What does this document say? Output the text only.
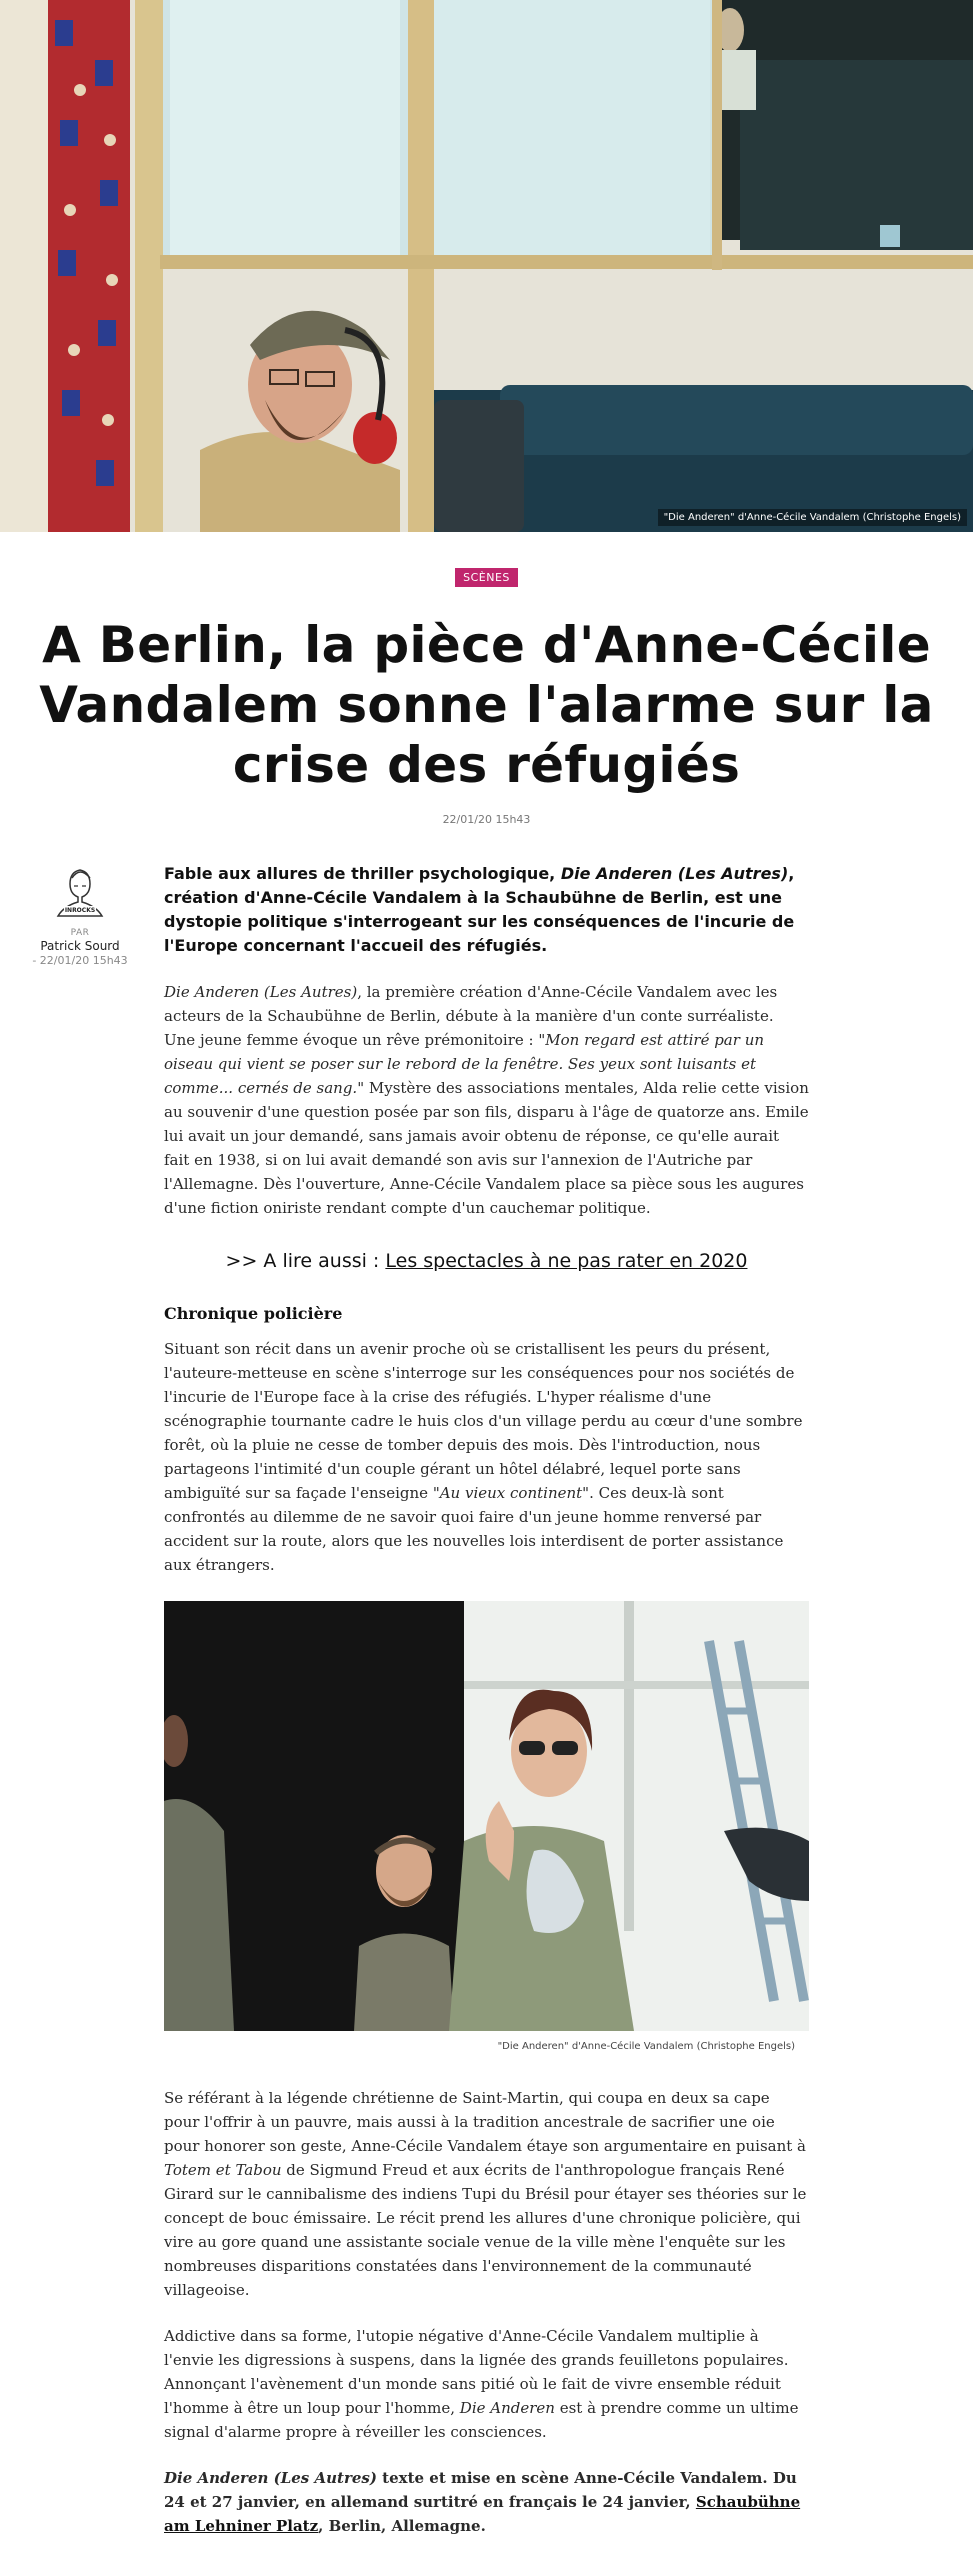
"Die Anderen" d'Anne-Cécile Vandalem (Christophe Engels)
SCÈNES
A Berlin, la pièce d'Anne-Cécile Vandalem sonne l'alarme sur la crise des réfugiés
22/01/20 15h43
INROCKS
PAR
Patrick Sourd
- 22/01/20 15h43

Fable aux allures de thriller psychologique, Die Anderen (Les Autres), création d'Anne-Cécile Vandalem à la Schaubühne de Berlin, est une dystopie politique s'interrogeant sur les conséquences de l'incurie de l'Europe concernant l'accueil des réfugiés.

Die Anderen (Les Autres), la première création d'Anne-Cécile Vandalem avec les acteurs de la Schaubühne de Berlin, débute à la manière d'un conte surréaliste. Une jeune femme évoque un rêve prémonitoire : "Mon regard est attiré par un oiseau qui vient se poser sur le rebord de la fenêtre. Ses yeux sont luisants et comme... cernés de sang." Mystère des associations mentales, Alda relie cette vision au souvenir d'une question posée par son fils, disparu à l'âge de quatorze ans. Emile lui avait un jour demandé, sans jamais avoir obtenu de réponse, ce qu'elle aurait fait en 1938, si on lui avait demandé son avis sur l'annexion de l'Autriche par l'Allemagne. Dès l'ouverture, Anne-Cécile Vandalem place sa pièce sous les augures d'une fiction oniriste rendant compte d'un cauchemar politique.

>> A lire aussi : Les spectacles à ne pas rater en 2020
Chronique policière

Situant son récit dans un avenir proche où se cristallisent les peurs du présent, l'auteure-metteuse en scène s'interroge sur les conséquences pour nos sociétés de l'incurie de l'Europe face à la crise des réfugiés. L'hyper réalisme d'une scénographie tournante cadre le huis clos d'un village perdu au cœur d'une sombre forêt, où la pluie ne cesse de tomber depuis des mois. Dès l'introduction, nous partageons l'intimité d'un couple gérant un hôtel délabré, lequel porte sans ambiguïté sur sa façade l'enseigne "Au vieux continent". Ces deux-là sont confrontés au dilemme de ne savoir quoi faire d'un jeune homme renversé par accident sur la route, alors que les nouvelles lois interdisent de porter assistance aux étrangers.

"Die Anderen" d'Anne-Cécile Vandalem (Christophe Engels)

Se référant à la légende chrétienne de Saint-Martin, qui coupa en deux sa cape pour l'offrir à un pauvre, mais aussi à la tradition ancestrale de sacrifier une oie pour honorer son geste, Anne-Cécile Vandalem étaye son argumentaire en puisant à Totem et Tabou de Sigmund Freud et aux écrits de l'anthropologue français René Girard sur le cannibalisme des indiens Tupi du Brésil pour étayer ses théories sur le concept de bouc émissaire. Le récit prend les allures d'une chronique policière, qui vire au gore quand une assistante sociale venue de la ville mène l'enquête sur les nombreuses disparitions constatées dans l'environnement de la communauté villageoise.

Addictive dans sa forme, l'utopie négative d'Anne-Cécile Vandalem multiplie à l'envie les digressions à suspens, dans la lignée des grands feuilletons populaires. Annonçant l'avènement d'un monde sans pitié où le fait de vivre ensemble réduit l'homme à être un loup pour l'homme, Die Anderen est à prendre comme un ultime signal d'alarme propre à réveiller les consciences.

Die Anderen (Les Autres) texte et mise en scène Anne-Cécile Vandalem. Du 24 et 27 janvier, en allemand surtitré en français le 24 janvier, Schaubühne am Lehniner Platz, Berlin, Allemagne.
